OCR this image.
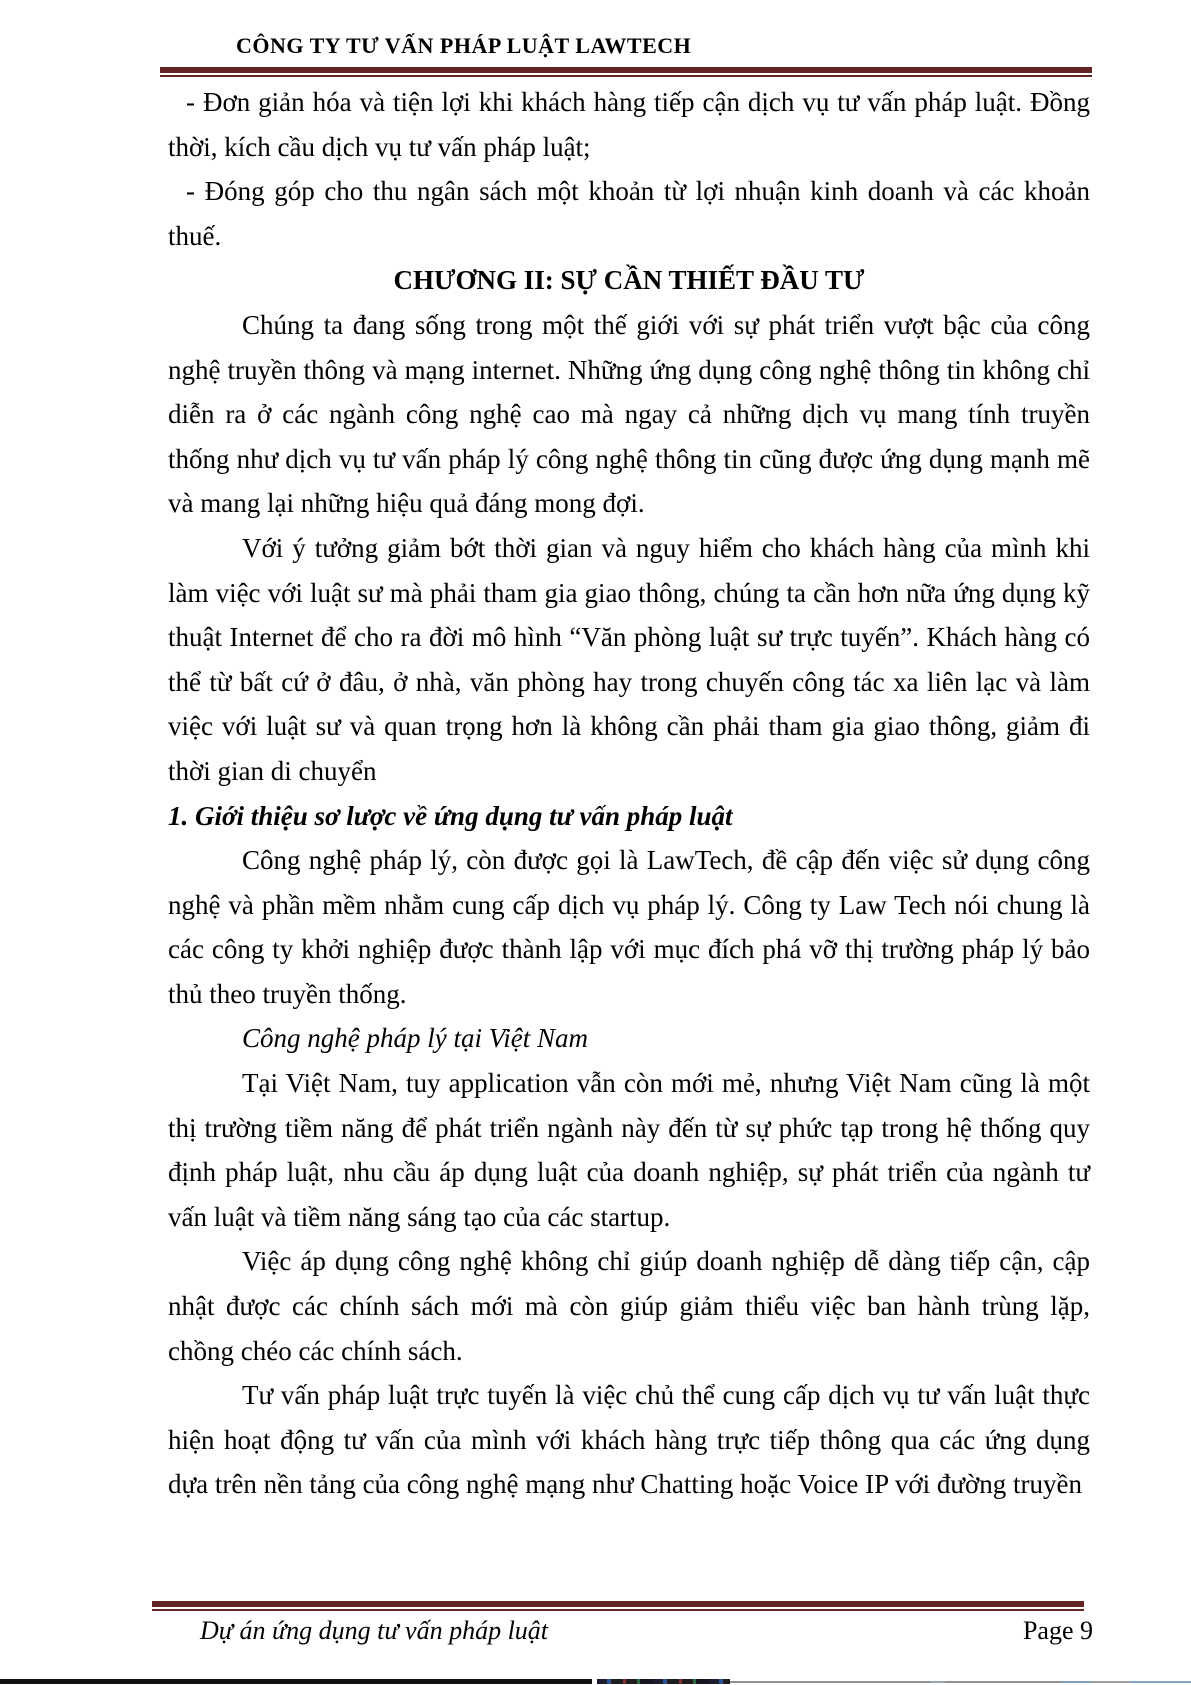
CÔNG TY TƯ VẤN PHÁP LUẬT LAWTECH

- Đơn giản hóa và tiện lợi khi khách hàng tiếp cận dịch vụ tư vấn pháp luật. Đồng thời, kích cầu dịch vụ tư vấn pháp luật;

- Đóng góp cho thu ngân sách một khoản từ lợi nhuận kinh doanh và các khoản thuế.

CHƯƠNG II: SỰ CẦN THIẾT ĐẦU TƯ

Chúng ta đang sống trong một thế giới với sự phát triển vượt bậc của công nghệ truyền thông và mạng internet. Những ứng dụng công nghệ thông tin không chỉ diễn ra ở các ngành công nghệ cao mà ngay cả những dịch vụ mang tính truyền thống như dịch vụ tư vấn pháp lý công nghệ thông tin cũng được ứng dụng mạnh mẽ và mang lại những hiệu quả đáng mong đợi.

Với ý tưởng giảm bớt thời gian và nguy hiểm cho khách hàng của mình khi làm việc với luật sư mà phải tham gia giao thông, chúng ta cần hơn nữa ứng dụng kỹ thuật Internet để cho ra đời mô hình “Văn phòng luật sư trực tuyến”. Khách hàng có thể từ bất cứ ở đâu, ở nhà, văn phòng hay trong chuyến công tác xa liên lạc và làm việc với luật sư và quan trọng hơn là không cần phải tham gia giao thông, giảm đi thời gian di chuyển

1. Giới thiệu sơ lược về ứng dụng tư vấn pháp luật

Công nghệ pháp lý, còn được gọi là LawTech, đề cập đến việc sử dụng công nghệ và phần mềm nhằm cung cấp dịch vụ pháp lý. Công ty Law Tech nói chung là các công ty khởi nghiệp được thành lập với mục đích phá vỡ thị trường pháp lý bảo thủ theo truyền thống.

Công nghệ pháp lý tại Việt Nam

Tại Việt Nam, tuy application vẫn còn mới mẻ, nhưng Việt Nam cũng là một thị trường tiềm năng để phát triển ngành này đến từ sự phức tạp trong hệ thống quy định pháp luật, nhu cầu áp dụng luật của doanh nghiệp, sự phát triển của ngành tư vấn luật và tiềm năng sáng tạo của các startup.

Việc áp dụng công nghệ không chỉ giúp doanh nghiệp dễ dàng tiếp cận, cập nhật được các chính sách mới mà còn giúp giảm thiểu việc ban hành trùng lặp, chồng chéo các chính sách.

Tư vấn pháp luật trực tuyến là việc chủ thể cung cấp dịch vụ tư vấn luật thực hiện hoạt động tư vấn của mình với khách hàng trực tiếp thông qua các ứng dụng dựa trên nền tảng của công nghệ mạng như Chatting hoặc Voice IP với đường truyền

Dự án ứng dụng tư vấn pháp luật	Page 9
